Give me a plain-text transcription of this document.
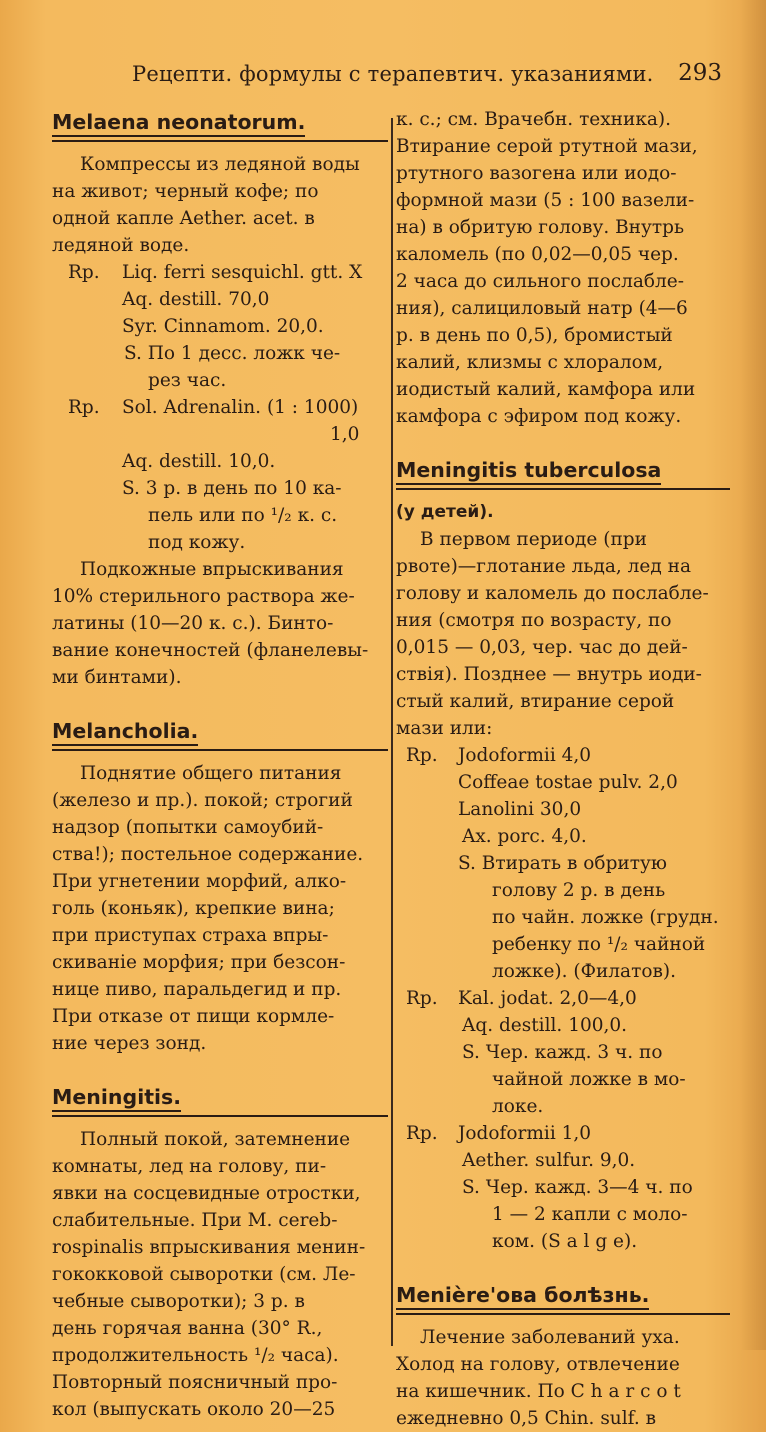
Рецепти. формулы с терапевтич. указаниями. 293
Melaena neonatorum.
Компрессы из ледяной воды
на живот; черный кофе; по
одной капле Aether. acet. в
ледяной воде.
Rp. Liq. ferri sesquichl. gtt. X
Aq. destill. 70,0
Syr. Cinnamom. 20,0.
S. По 1 десс. ложк че-
рез час.
Rp. Sol. Adrenalin. (1 : 1000)
1,0
Aq. destill. 10,0.
S. 3 р. в день по 10 ка-
пель или по ¹/₂ к. с.
под кожу.
Подкожные впрыскивания
10% стерильного раствора же-
латины (10—20 к. с.). Бинто-
вание конечностей (фланелевы-
ми бинтами).
Melancholia.
Поднятие общего питания
(железо и пр.). покой; строгий
надзор (попытки самоубий-
ства!); постельное содержание.
При угнетении морфий, алко-
голь (коньяк), крепкие вина;
при приступах страха впры-
скиваніе морфия; при безсон-
нице пиво, паральдегид и пр.
При отказе от пищи кормле-
ние через зонд.
Meningitis.
Полный покой, затемнение
комнаты, лед на голову, пи-
явки на сосцевидные отростки,
слабительные. При M. cereb-
rospinalis впрыскивания менин-
гококковой сыворотки (см. Ле-
чебные сыворотки); 3 р. в
день горячая ванна (30° R.,
продолжительность ¹/₂ часа).
Повторный поясничный про-
кол (выпускать около 20—25
к. с.; см. Врачебн. техника).
Втирание серой ртутной мази,
ртутного вазогена или иодо-
формной мази (5 : 100 вазели-
на) в обритую голову. Внутрь
каломель (по 0,02—0,05 чер.
2 часа до сильного послабле-
ния), салициловый натр (4—6
р. в день по 0,5), бромистый
калий, клизмы с хлоралом,
иодистый калий, камфора или
камфора с эфиром под кожу.
Meningitis tuberculosa
(у детей).
В первом периоде (при
рвоте)—глотание льда, лед на
голову и каломель до послабле-
ния (смотря по возрасту, по
0,015 — 0,03, чер. час до дей-
ствія). Позднее — внутрь иоди-
стый калий, втирание серой
мази или:
Rp. Jodoformii 4,0
Coffeae tostae pulv. 2,0
Lanolini 30,0
Ax. porc. 4,0.
S. Втирать в обритую
голову 2 р. в день
по чайн. ложке (грудн.
ребенку по ¹/₂ чайной
ложке). (Филатов).
Rp. Kal. jodat. 2,0—4,0
Aq. destill. 100,0.
S. Чер. кажд. 3 ч. по
чайной ложке в мо-
локе.
Rp. Jodoformii 1,0
Aether. sulfur. 9,0.
S. Чер. кажд. 3—4 ч. по
1 — 2 капли с моло-
ком. (S a l g e).
Menière'ова болѣзнь.
Лечение заболеваний уха.
Холод на голову, отвлечение
на кишечник. По C h a r c o t
ежедневно 0,5 Chin. sulf. в
